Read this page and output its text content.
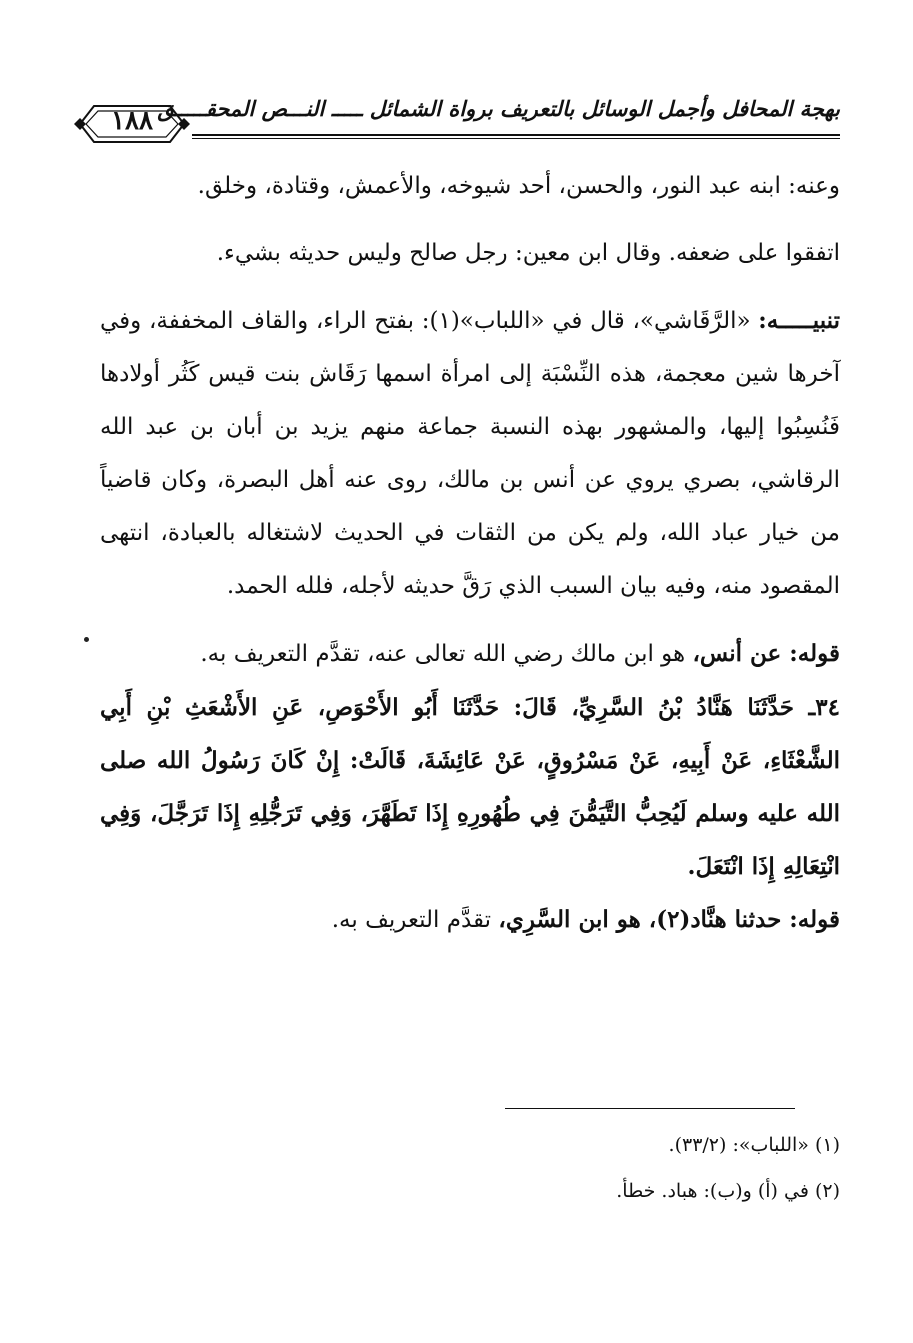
١٨٨ بهجة المحافل وأجمل الوسائل بالتعريف برواة الشمائل ـــــ النـــص المحقـــــق

وعنه: ابنه عبد النور، والحسن، أحد شيوخه، والأعمش، وقتادة، وخلق.

اتفقوا على ضعفه. وقال ابن معين: رجل صالح وليس حديثه بشيء.

تنبيـــــه: «الرَّقَاشي»، قال في «اللباب»(١): بفتح الراء، والقاف المخففة، وفي آخرها شين معجمة، هذه النِّسْبَة إلى امرأة اسمها رَقَاش بنت قيس كَثُر أولادها فَنُسِبُوا إليها، والمشهور بهذه النسبة جماعة منهم يزيد بن أبان بن عبد الله الرقاشي، بصري يروي عن أنس بن مالك، روى عنه أهل البصرة، وكان قاضياً من خيار عباد الله، ولم يكن من الثقات في الحديث لاشتغاله بالعبادة، انتهى المقصود منه، وفيه بيان السبب الذي رَقَّ حديثه لأجله، فلله الحمد.

قوله: عن أنس، هو ابن مالك رضي الله تعالى عنه، تقدَّم التعريف به.

٣٤ـ حَدَّثَنَا هَنَّادُ بْنُ السَّرِيِّ، قَالَ: حَدَّثَنَا أَبُو الأَحْوَصِ، عَنِ الأَشْعَثِ بْنِ أَبِي الشَّعْثَاءِ، عَنْ أَبِيهِ، عَنْ مَسْرُوقٍ، عَنْ عَائِشَةَ، قَالَتْ: إِنْ كَانَ رَسُولُ الله صلى الله عليه وسلم لَيُحِبُّ التَّيَمُّنَ فِي طُهُورِهِ إِذَا تَطَهَّرَ، وَفِي تَرَجُّلِهِ إِذَا تَرَجَّلَ، وَفِي انْتِعَالِهِ إِذَا انْتَعَلَ.

قوله: حدثنا هنَّاد(٢)، هو ابن السَّرِي، تقدَّم التعريف به.

(١) «اللباب»: (٣٣/٢).

(٢) في (أ) و(ب): هباد. خطأ.
